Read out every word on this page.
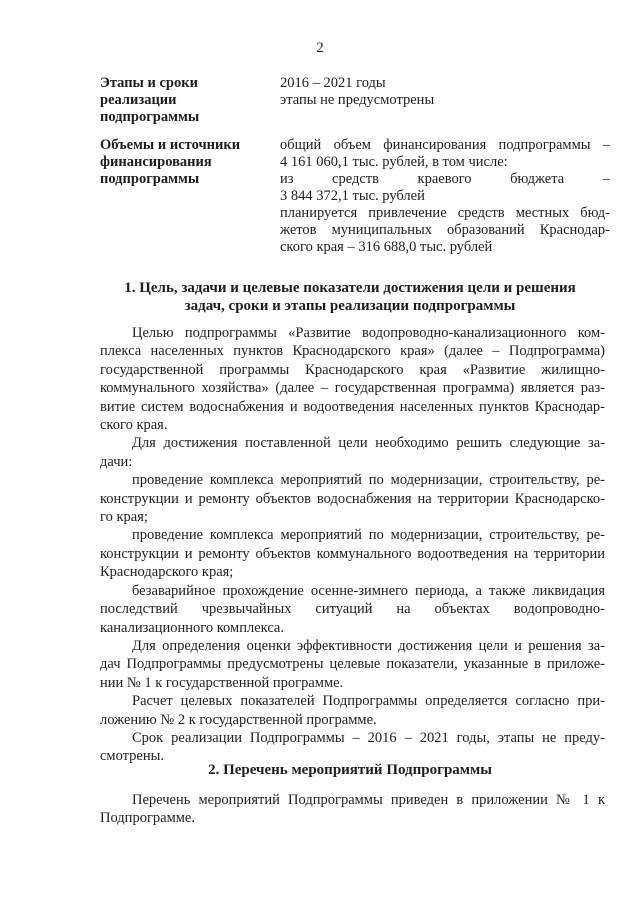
2
Этапы и сроки
реализации
подпрограммы
2016 – 2021 годы
этапы не предусмотрены
Объемы и источники
финансирования
подпрограммы
общий объем финансирования подпрограммы –
4 161 060,1 тыс. рублей, в том числе:
из средств краевого бюджета –
3 844 372,1 тыс. рублей
планируется привлечение средств местных бюд-
жетов муниципальных образований Краснодар-
ского края – 316 688,0 тыс. рублей
1. Цель, задачи и целевые показатели достижения цели и решения
задач, сроки и этапы реализации подпрограммы
Целью подпрограммы «Развитие водопроводно-канализационного ком-
плекса населенных пунктов Краснодарского края» (далее – Подпрограмма)
государственной программы Краснодарского края «Развитие жилищно-
коммунального хозяйства» (далее – государственная программа) является раз-
витие систем водоснабжения и водоотведения населенных пунктов Краснодар-
ского края.
Для достижения поставленной цели необходимо решить следующие за-
дачи:
проведение комплекса мероприятий по модернизации, строительству, ре-
конструкции и ремонту объектов водоснабжения на территории Краснодарско-
го края;
проведение комплекса мероприятий по модернизации, строительству, ре-
конструкции и ремонту объектов коммунального водоотведения на территории
Краснодарского края;
безаварийное прохождение осенне-зимнего периода, а также ликвидация
последствий чрезвычайных ситуаций на объектах водопроводно-
канализационного комплекса.
Для определения оценки эффективности достижения цели и решения за-
дач Подпрограммы предусмотрены целевые показатели, указанные в приложе-
нии № 1 к государственной программе.
Расчет целевых показателей Подпрограммы определяется согласно при-
ложению № 2 к государственной программе.
Срок реализации Подпрограммы – 2016 – 2021 годы, этапы не преду-
смотрены.
2. Перечень мероприятий Подпрограммы
Перечень мероприятий Подпрограммы приведен в приложении № 1 к
Подпрограмме.
